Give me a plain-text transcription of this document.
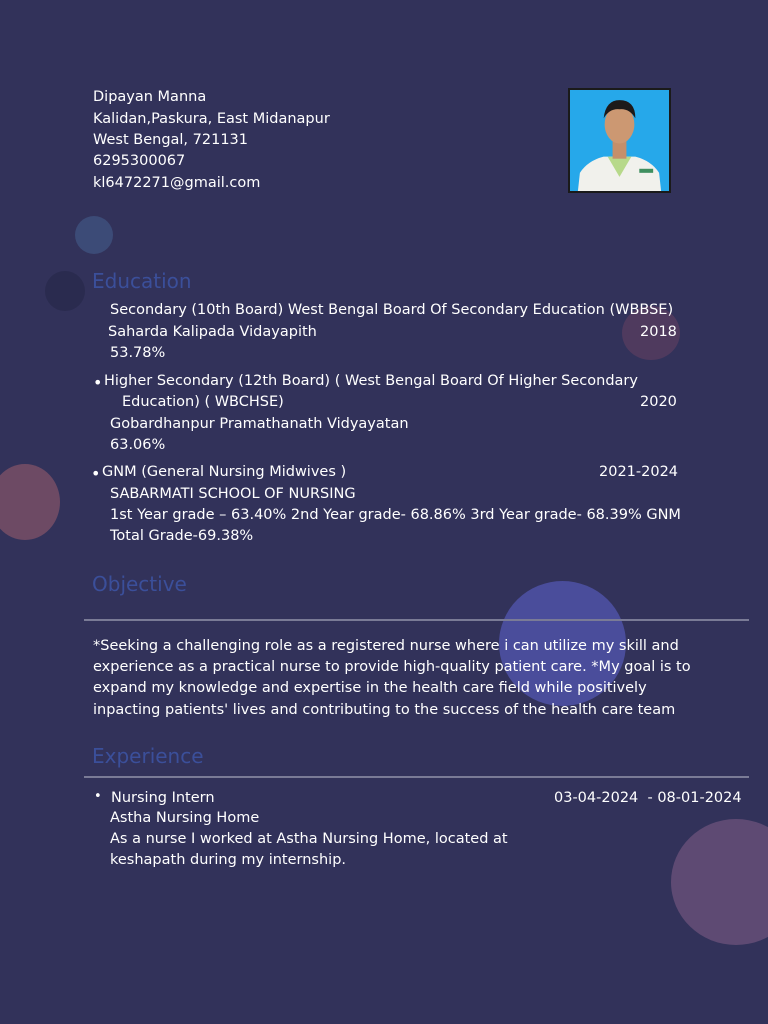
Dipayan Manna
Kalidan,Paskura, East Midanapur
West Bengal, 721131
6295300067
kl6472271@gmail.com
Education
Secondary (10th Board) West Bengal Board Of Secondary Education (WBBSE)
Saharda Kalipada Vidayapith	2018
53.78%
• Higher Secondary (12th Board) ( West Bengal Board Of Higher Secondary
Education) ( WBCHSE)	2020
Gobardhanpur Pramathanath Vidyayatan
63.06%
• GNM (General Nursing Midwives )	2021-2024
SABARMATI SCHOOL OF NURSING
1st Year grade – 63.40% 2nd Year grade- 68.86% 3rd Year grade- 68.39% GNM
Total Grade-69.38%
Objective
*Seeking a challenging role as a registered nurse where i can utilize my skill and
experience as a practical nurse to provide high-quality patient care. *My goal is to
expand my knowledge and expertise in the health care field while positively
inpacting patients' lives and contributing to the success of the health care team
Experience
• Nursing Intern	03-04-2024  - 08-01-2024
Astha Nursing Home
As a nurse I worked at Astha Nursing Home, located at
keshapath during my internship.
